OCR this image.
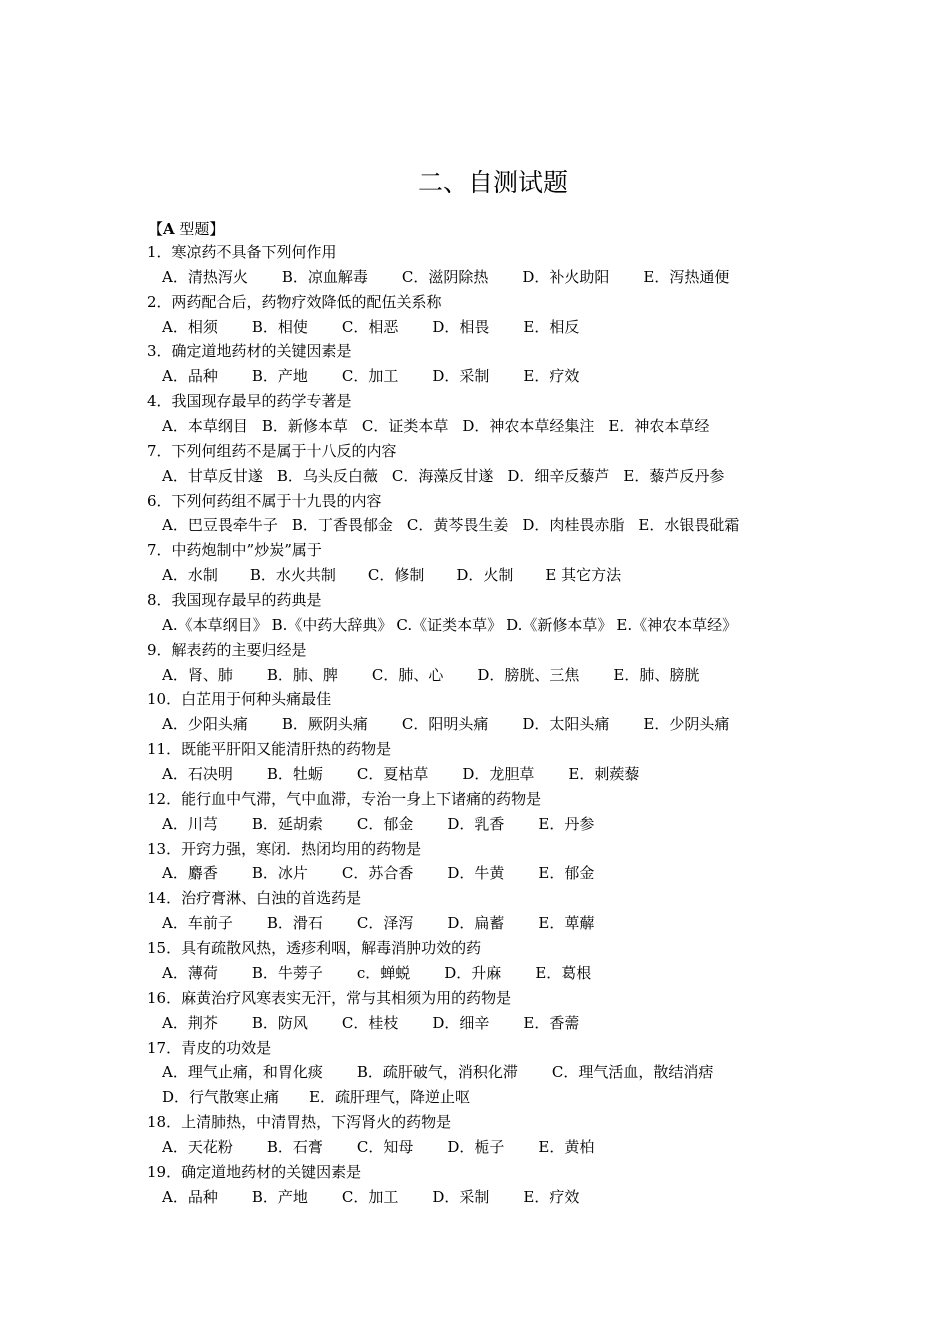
二、自测试题
【A 型题】
1．寒凉药不具备下列何作用
A．清热泻火 B．凉血解毒 C．滋阴除热 D．补火助阳 E．泻热通便
2．两药配合后，药物疗效降低的配伍关系称
A．相须 B．相使 C．相恶 D．相畏 E．相反
3．确定道地药材的关键因素是
A．品种 B．产地 C．加工 D．采制 E．疗效
4．我国现存最早的药学专著是
A．本草纲目 B．新修本草 C．证类本草 D．神农本草经集注 E．神农本草经
7．下列何组药不是属于十八反的内容
A．甘草反甘遂 B．乌头反白薇 C．海藻反甘遂 D．细辛反藜芦 E．藜芦反丹参
6．下列何药组不属于十九畏的内容
A．巴豆畏牵牛子 B．丁香畏郁金 C．黄芩畏生姜 D．肉桂畏赤脂 E．水银畏砒霜
7．中药炮制中”炒炭”属于
A．水制 B．水火共制 C．修制 D．火制 E 其它方法
8．我国现存最早的药典是
A.《本草纲目》 B.《中药大辞典》 C.《证类本草》 D.《新修本草》 E.《神农本草经》
9．解表药的主要归经是
A．肾、肺 B．肺、脾 C．肺、心 D．膀胱、三焦 E．肺、膀胱
10．白芷用于何种头痛最佳
A．少阳头痛 B．厥阴头痛 C．阳明头痛 D．太阳头痛 E．少阴头痛
11．既能平肝阳又能清肝热的药物是
A．石决明 B．牡蛎 C．夏枯草 D．龙胆草 E．刺蒺藜
12．能行血中气滞，气中血滞，专治一身上下诸痛的药物是
A．川芎 B．延胡索 C．郁金 D．乳香 E．丹参
13．开窍力强，寒闭．热闭均用的药物是
A．麝香 B．冰片 C．苏合香 D．牛黄 E．郁金
14．治疗膏淋、白浊的首选药是
A．车前子 B．滑石 C．泽泻 D．扁蓄 E．萆薢
15．具有疏散风热，透疹利咽，解毒消肿功效的药
A．薄荷 B．牛蒡子 c．蝉蜕 D．升麻 E．葛根
16．麻黄治疗风寒表实无汗，常与其相须为用的药物是
A．荆芥 B．防风 C．桂枝 D．细辛 E．香薷
17．青皮的功效是
A．理气止痛，和胃化痰 B．疏肝破气，消积化滞 C．理气活血，散结消痞
D．行气散寒止痛 E．疏肝理气，降逆止呕
18．上清肺热，中清胃热，下泻肾火的药物是
A．天花粉 B．石膏 C．知母 D．栀子 E．黄柏
19．确定道地药材的关键因素是
A．品种 B．产地 C．加工 D．采制 E．疗效
